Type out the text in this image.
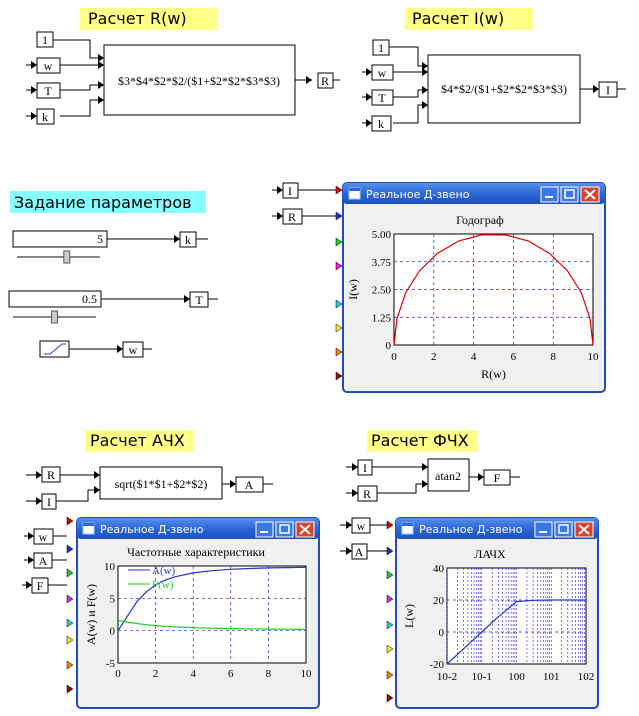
Расчет R(w)
1
w
T
k
$3*$4*$2*$2/($1+$2*$2*$3*$3)	R
Расчет I(w)
1
w
T
k
$4*$2/($1+$2*$2*$3*$3)	I
Задание параметров
5	k
0.5	T
w
I
R
Реальное Д-звено
0	2	4	6	8	10
0
1.25
2.50
3.75
5.00
Годограф
R(w)
I(w)
Расчет АЧХ
R
I
sqrt($1*$1+$2*$2)	A
Расчет ФЧХ
I
R
atan2	F
w
A
F
Реальное Д-звено
0	2	4	6	8	10
-5
0
5
10
Частотные характеристики
A(w) и F(w)
A(w)
F(w)
w
A
Реальное Д-звено
10-2 10-1 100 101 102
-20
0
20
40
ЛАЧХ
L(w)
